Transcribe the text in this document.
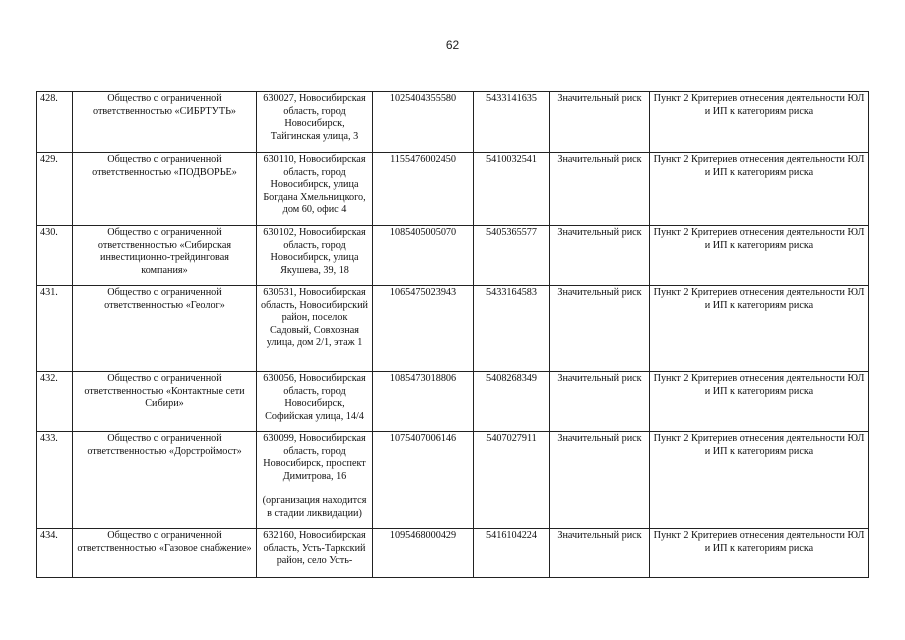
62
428.	Общество с ограниченной ответственностью «СИБРТУТЬ»	630027, Новосибирская область, город Новосибирск, Тайгинская улица, 3	1025404355580	5433141635	Значительный риск	Пункт 2 Критериев отнесения деятельности ЮЛ и ИП к категориям риска
429.	Общество с ограниченной ответственностью «ПОДВОРЬЕ»	630110, Новосибирская область, город Новосибирск, улица Богдана Хмельницкого, дом 60, офис 4	1155476002450	5410032541	Значительный риск	Пункт 2 Критериев отнесения деятельности ЮЛ и ИП к категориям риска
430.	Общество с ограниченной ответственностью «Сибирская инвестиционно-трейдинговая компания»	630102, Новосибирская область, город Новосибирск, улица Якушева, 39, 18	1085405005070	5405365577	Значительный риск	Пункт 2 Критериев отнесения деятельности ЮЛ и ИП к категориям риска
431.	Общество с ограниченной ответственностью «Геолог»	630531, Новосибирская область, Новосибирский район, поселок Садовый, Совхозная улица, дом 2/1, этаж 1	1065475023943	5433164583	Значительный риск	Пункт 2 Критериев отнесения деятельности ЮЛ и ИП к категориям риска
432.	Общество с ограниченной ответственностью «Контактные сети Сибири»	630056, Новосибирская область, город Новосибирск, Софийская улица, 14/4	1085473018806	5408268349	Значительный риск	Пункт 2 Критериев отнесения деятельности ЮЛ и ИП к категориям риска
433.	Общество с ограниченной ответственностью «Дорстроймост»	630099, Новосибирская область, город Новосибирск, проспект Димитрова, 16
(организация находится в стадии ликвидации)	1075407006146	5407027911	Значительный риск	Пункт 2 Критериев отнесения деятельности ЮЛ и ИП к категориям риска
434.	Общество с ограниченной ответственностью «Газовое снабжение»	632160, Новосибирская область, Усть-Таркский район, село Усть-	1095468000429	5416104224	Значительный риск	Пункт 2 Критериев отнесения деятельности ЮЛ и ИП к категориям риска
